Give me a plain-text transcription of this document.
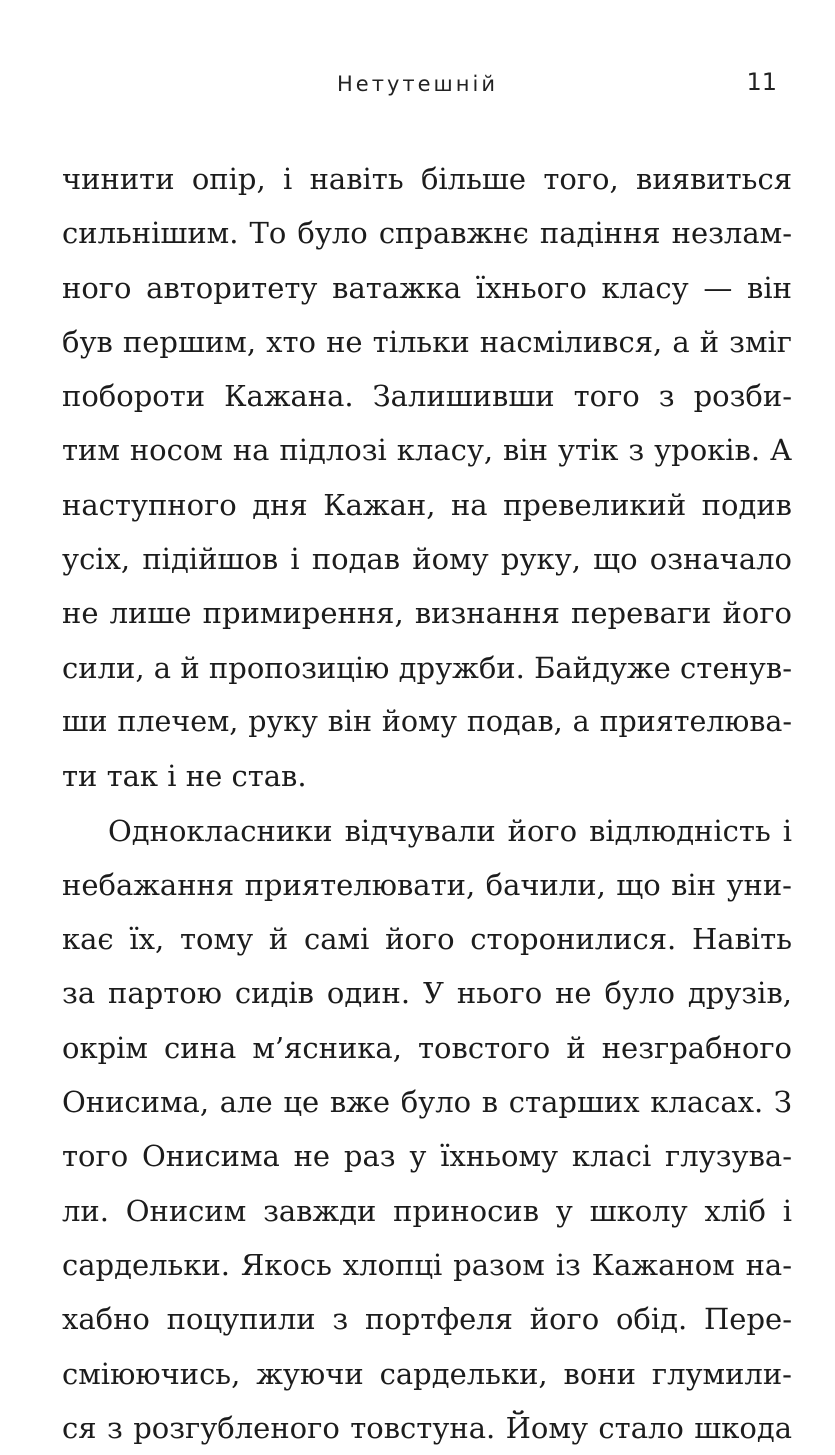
Нетутешній	11
чинити опір, і навіть більше того, виявиться
сильнішим. То було справжнє падіння незлам-
ного авторитету ватажка їхнього класу — він
був першим, хто не тільки насмілився, а й зміг
побороти Кажана. Залишивши того з розби-
тим носом на підлозі класу, він утік з уроків. А
наступного дня Кажан, на превеликий подив
усіх, підійшов і подав йому руку, що означало
не лише примирення, визнання переваги його
сили, а й пропозицію дружби. Байдуже стенув-
ши плечем, руку він йому подав, а приятелюва-
ти так і не став.
Однокласники відчували його відлюдність і
небажання приятелювати, бачили, що він уни-
кає їх, тому й самі його сторонилися. Навіть
за партою сидів один. У нього не було друзів,
окрім сина м’ясника, товстого й незграбного
Онисима, але це вже було в старших класах. З
того Онисима не раз у їхньому класі глузува-
ли. Онисим завжди приносив у школу хліб і
сардельки. Якось хлопці разом із Кажаном на-
хабно поцупили з портфеля його обід. Пере-
сміюючись, жуючи сардельки, вони глумили-
ся з розгубленого товстуна. Йому стало шкода
